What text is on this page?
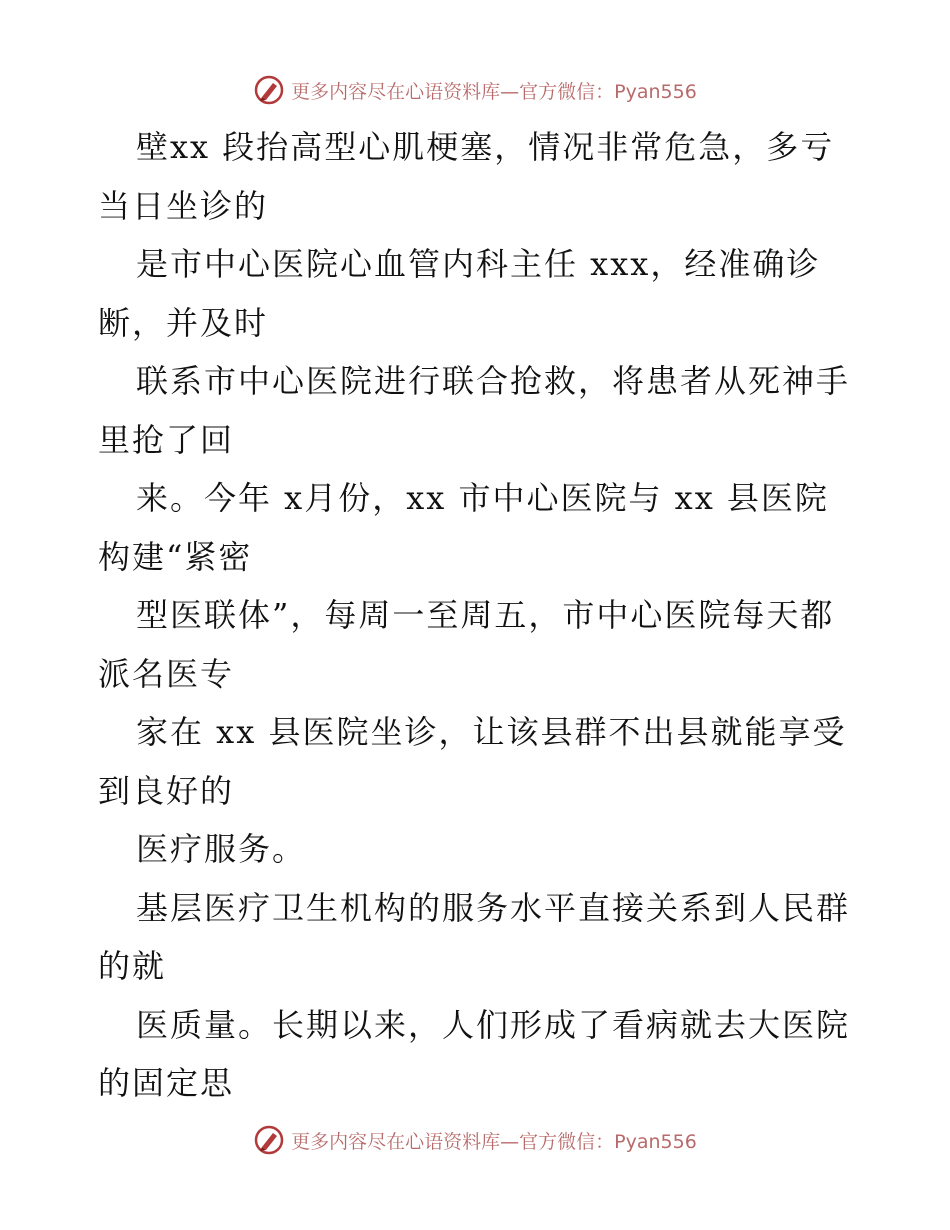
更多内容尽在心语资料库—官方微信：Pyan556
壁xx 段抬高型心肌梗塞，情况非常危急，多亏
当日坐诊的
是市中心医院心血管内科主任 xxx，经准确诊
断，并及时
联系市中心医院进行联合抢救，将患者从死神手
里抢了回
来。今年 x月份，xx 市中心医院与 xx 县医院
构建“紧密
型医联体”，每周一至周五，市中心医院每天都
派名医专
家在 xx 县医院坐诊，让该县群不出县就能享受
到良好的
医疗服务。
基层医疗卫生机构的服务水平直接关系到人民群
的就
医质量。长期以来，人们形成了看病就去大医院
的固定思
更多内容尽在心语资料库—官方微信：Pyan556
